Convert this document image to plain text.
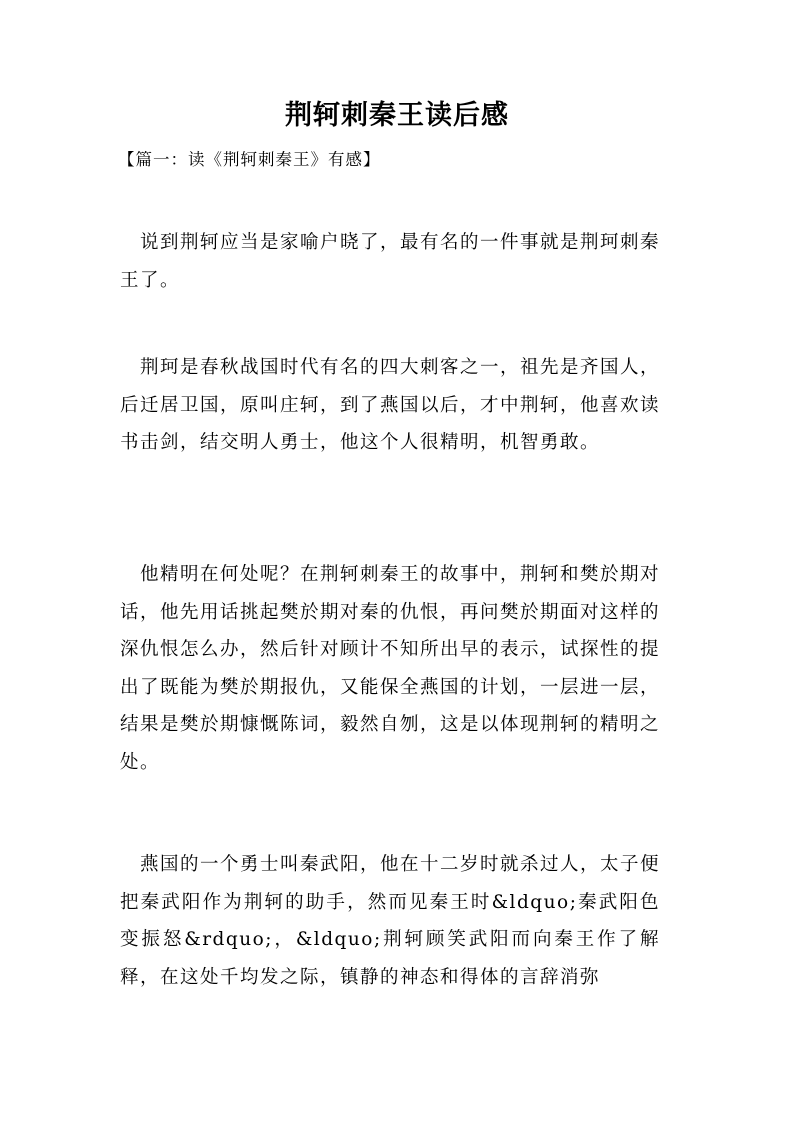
荆轲刺秦王读后感
【篇一：读《荆轲刺秦王》有感】

说到荆轲应当是家喻户晓了，最有名的一件事就是荆珂刺秦王了。

荆珂是春秋战国时代有名的四大刺客之一，祖先是齐国人，后迁居卫国，原叫庄轲，到了燕国以后，才中荆轲，他喜欢读书击剑，结交明人勇士，他这个人很精明，机智勇敢。

他精明在何处呢？在荆轲刺秦王的故事中，荆轲和樊於期对话，他先用话挑起樊於期对秦的仇恨，再问樊於期面对这样的深仇恨怎么办，然后针对顾计不知所出早的表示，试探性的提出了既能为樊於期报仇，又能保全燕国的计划，一层进一层，结果是樊於期慷慨陈词，毅然自刎，这是以体现荆轲的精明之处。

燕国的一个勇士叫秦武阳，他在十二岁时就杀过人，太子便把秦武阳作为荆轲的助手，然而见秦王时&ldquo;秦武阳色变振怒&rdquo;，&ldquo;荆轲顾笑武阳而向秦王作了解释，在这处千均发之际，镇静的神态和得体的言辞消弥
